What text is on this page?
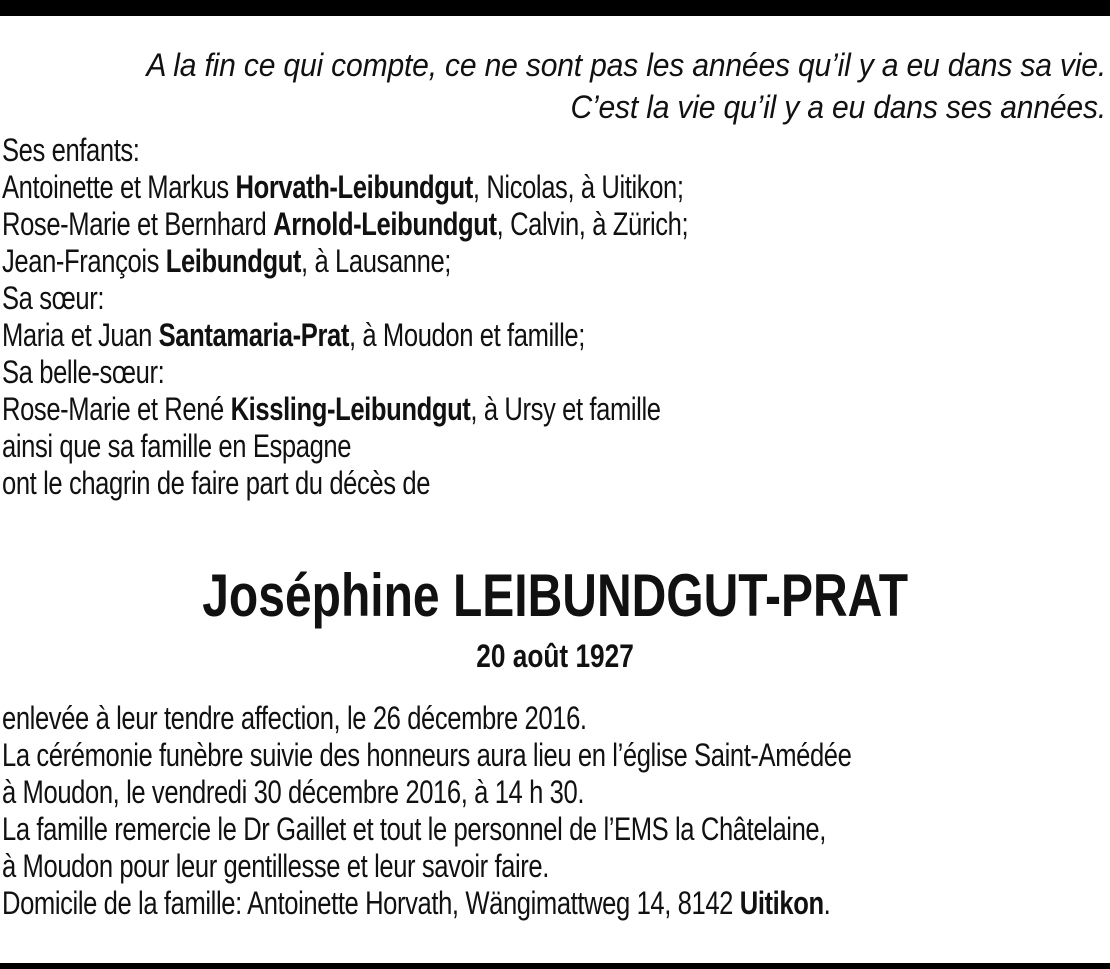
A la fin ce qui compte, ce ne sont pas les années qu’il y a eu dans sa vie.
C’est la vie qu’il y a eu dans ses années.
Ses enfants:
Antoinette et Markus Horvath-Leibundgut, Nicolas, à Uitikon;
Rose-Marie et Bernhard Arnold-Leibundgut, Calvin, à Zürich;
Jean-François Leibundgut, à Lausanne;
Sa sœur:
Maria et Juan Santamaria-Prat, à Moudon et famille;
Sa belle-sœur:
Rose-Marie et René Kissling-Leibundgut, à Ursy et famille
ainsi que sa famille en Espagne
ont le chagrin de faire part du décès de
Joséphine LEIBUNDGUT-PRAT
20 août 1927
enlevée à leur tendre affection, le 26 décembre 2016.
La cérémonie funèbre suivie des honneurs aura lieu en l’église Saint-Amédée
à Moudon, le vendredi 30 décembre 2016, à 14 h 30.
La famille remercie le Dr Gaillet et tout le personnel de l’EMS la Châtelaine,
à Moudon pour leur gentillesse et leur savoir faire.
Domicile de la famille: Antoinette Horvath, Wängimattweg 14, 8142 Uitikon.
